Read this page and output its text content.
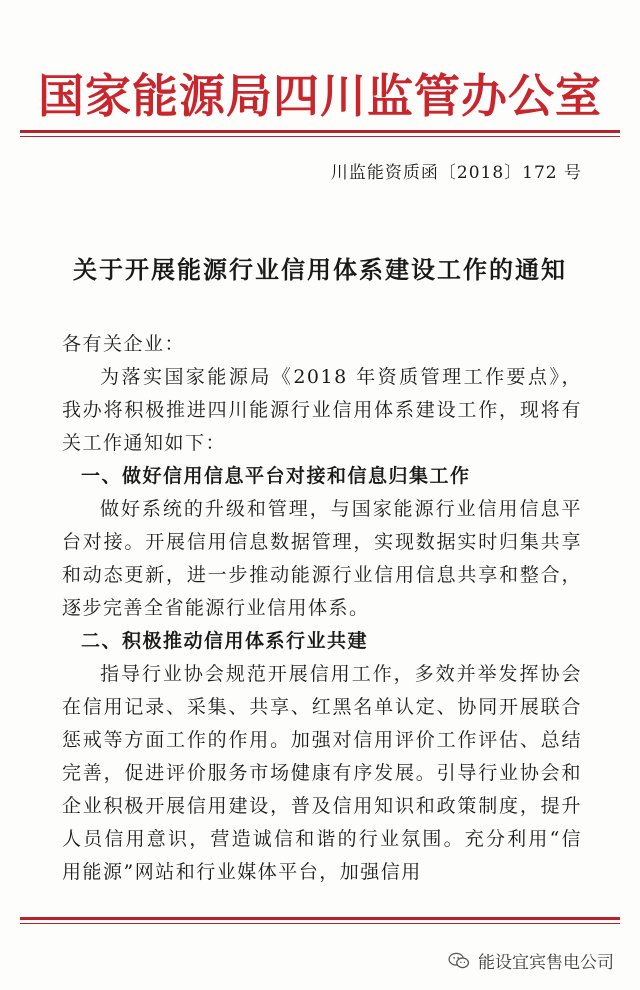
国家能源局四川监管办公室
川监能资质函〔2018〕172 号
关于开展能源行业信用体系建设工作的通知

各有关企业：

为落实国家能源局《2018 年资质管理工作要点》，我办将积极推进四川能源行业信用体系建设工作，现将有关工作通知如下：

一、做好信用信息平台对接和信息归集工作

做好系统的升级和管理，与国家能源行业信用信息平台对接。开展信用信息数据管理，实现数据实时归集共享和动态更新，进一步推动能源行业信用信息共享和整合，逐步完善全省能源行业信用体系。

二、积极推动信用体系行业共建

指导行业协会规范开展信用工作，多效并举发挥协会在信用记录、采集、共享、红黑名单认定、协同开展联合惩戒等方面工作的作用。加强对信用评价工作评估、总结完善，促进评价服务市场健康有序发展。引导行业协会和企业积极开展信用建设，普及信用知识和政策制度，提升人员信用意识，营造诚信和谐的行业氛围。充分利用“信用能源”网站和行业媒体平台，加强信用

能设宜宾售电公司
